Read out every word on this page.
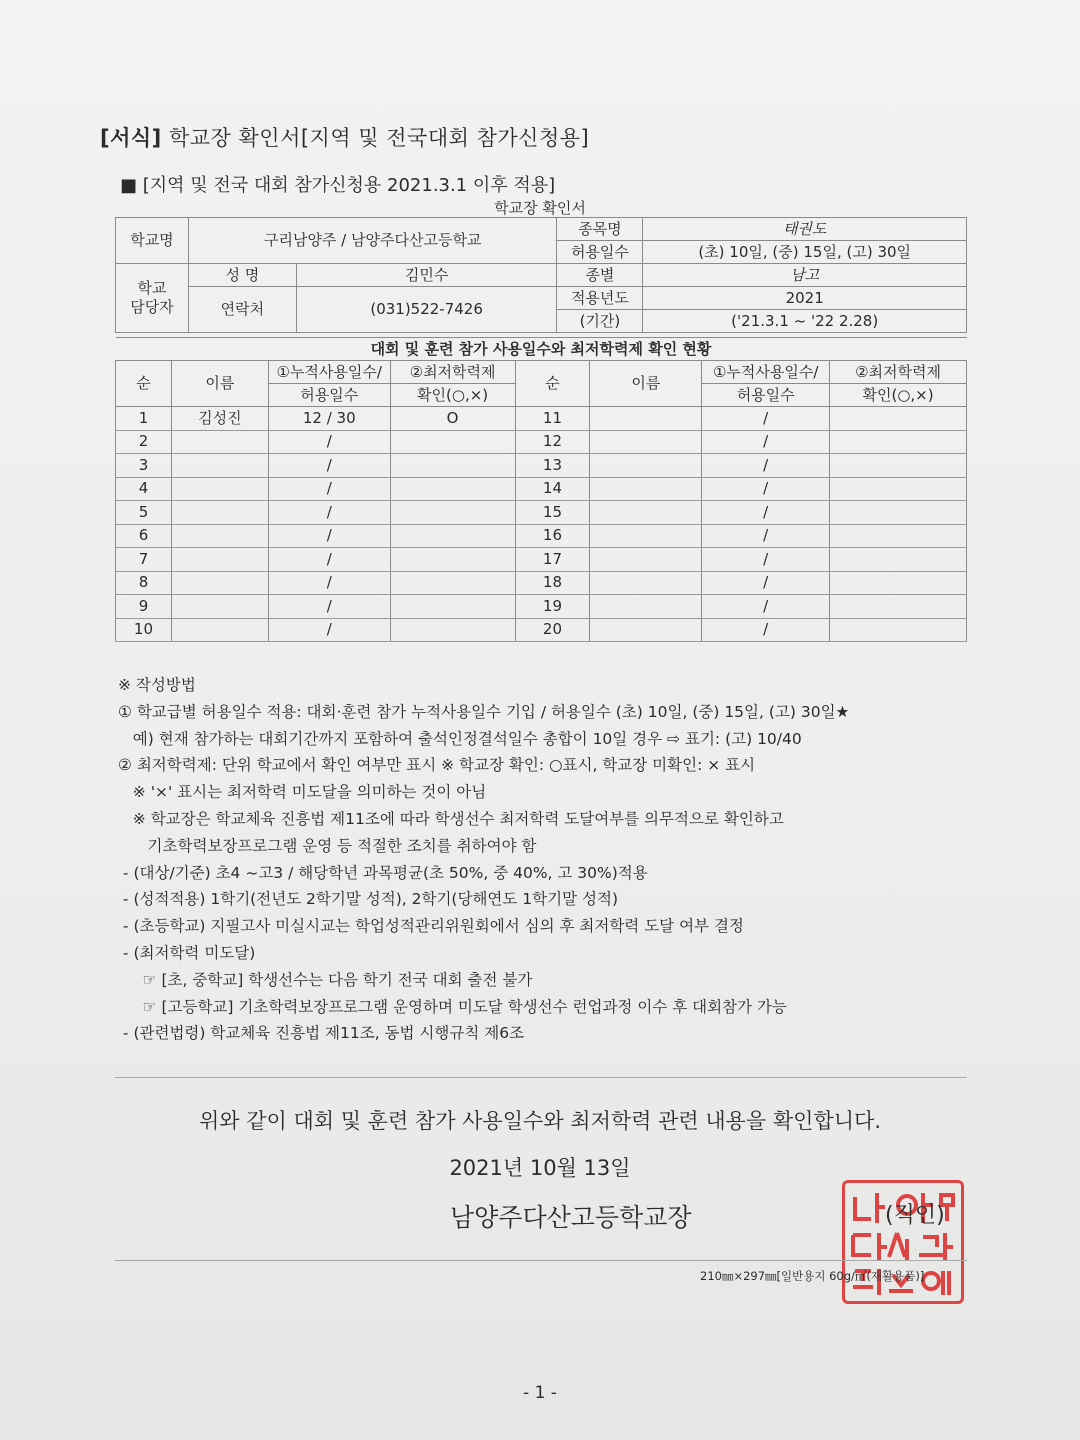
[서식] 학교장 확인서[지역 및 전국대회 참가신청용]
■ [지역 및 전국 대회 참가신청용 2021.3.1 이후 적용]
학교장 확인서
학교명	구리남양주 / 남양주다산고등학교		종목명	태권도
			허용일수	(초) 10일, (중) 15일, (고) 30일
학교
담당자	성 명	김민수	종별	남고
	연락처	(031)522-7426	적용년도	2021
			(기간)	('21.3.1 ~ '22 2.28)
대회 및 훈련 참가 사용일수와 최저학력제 확인 현황							
순	이름	①누적사용일수/	②최저학력제	순	이름	①누적사용일수/	②최저학력제
		허용일수	확인(○,×)			허용일수	확인(○,×)
1	김성진	12 / 30	O	11		/	
2		/		12		/	
3		/		13		/	
4		/		14		/	
5		/		15		/	
6		/		16		/	
7		/		17		/	
8		/		18		/	
9		/		19		/	
10		/		20		/	
※ 작성방법
① 학교급별 허용일수 적용: 대회·훈련 참가 누적사용일수 기입 / 허용일수 (초) 10일, (중) 15일, (고) 30일★
예) 현재 참가하는 대회기간까지 포함하여 출석인정결석일수 총합이 10일 경우 ⇨ 표기: (고) 10/40
② 최저학력제: 단위 학교에서 확인 여부만 표시 ※ 학교장 확인: ○표시, 학교장 미확인: × 표시
※ '×' 표시는 최저학력 미도달을 의미하는 것이 아님
※ 학교장은 학교체육 진흥법 제11조에 따라 학생선수 최저학력 도달여부를 의무적으로 확인하고
기초학력보장프로그램 운영 등 적절한 조치를 취하여야 함
- (대상/기준) 초4 ~고3 / 해당학년 과목평균(초 50%, 중 40%, 고 30%)적용
- (성적적용) 1학기(전년도 2학기말 성적), 2학기(당해연도 1학기말 성적)
- (초등학교) 지필고사 미실시교는 학업성적관리위원회에서 심의 후 최저학력 도달 여부 결정
- (최저학력 미도달)
☞ [초, 중학교] 학생선수는 다음 학기 전국 대회 출전 불가
☞ [고등학교] 기초학력보장프로그램 운영하며 미도달 학생선수 런업과정 이수 후 대회참가 가능
- (관련법령) 학교체육 진흥법 제11조, 동법 시행규칙 제6조
위와 같이 대회 및 훈련 참가 사용일수와 최저학력 관련 내용을 확인합니다.
2021년 10월 13일
남양주다산고등학교장	(직인)
210㎜×297㎜[일반용지 60g/㎡(재활용품)]
- 1 -
